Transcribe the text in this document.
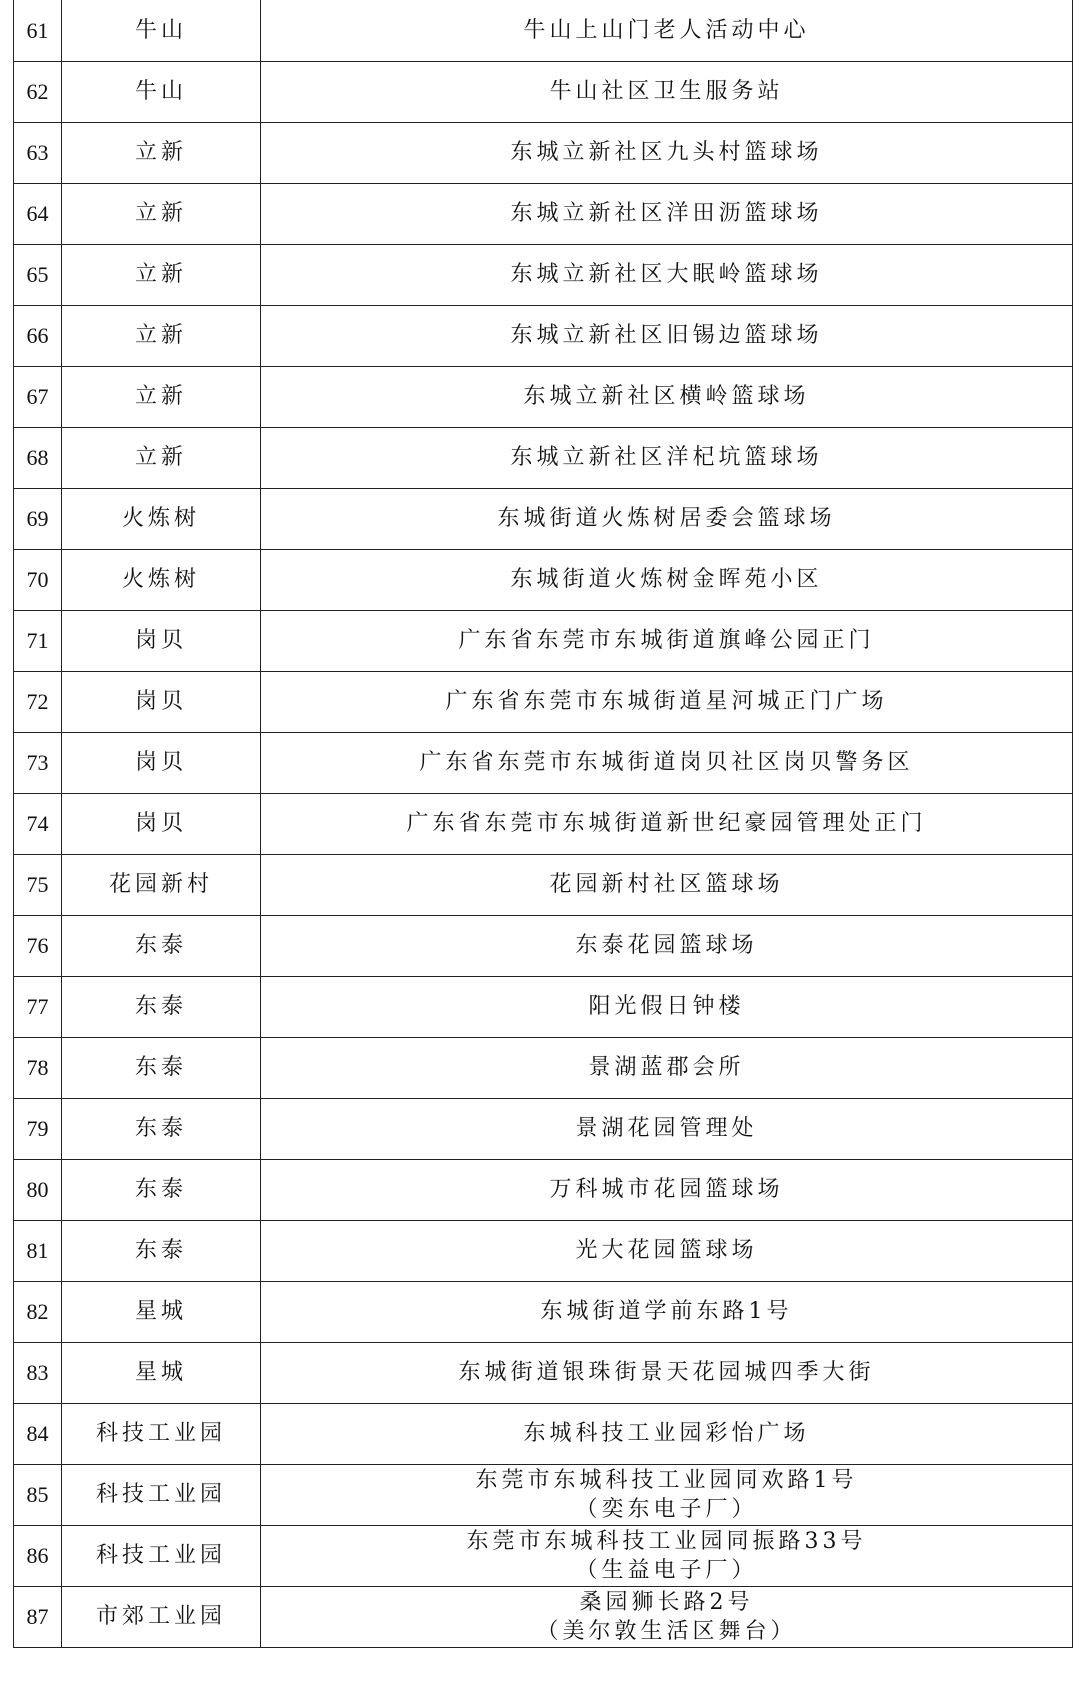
61	牛山	牛山上山门老人活动中心
62	牛山	牛山社区卫生服务站
63	立新	东城立新社区九头村篮球场
64	立新	东城立新社区洋田沥篮球场
65	立新	东城立新社区大眠岭篮球场
66	立新	东城立新社区旧锡边篮球场
67	立新	东城立新社区横岭篮球场
68	立新	东城立新社区洋杞坑篮球场
69	火炼树	东城街道火炼树居委会篮球场
70	火炼树	东城街道火炼树金晖苑小区
71	岗贝	广东省东莞市东城街道旗峰公园正门
72	岗贝	广东省东莞市东城街道星河城正门广场
73	岗贝	广东省东莞市东城街道岗贝社区岗贝警务区
74	岗贝	广东省东莞市东城街道新世纪豪园管理处正门
75	花园新村	花园新村社区篮球场
76	东泰	东泰花园篮球场
77	东泰	阳光假日钟楼
78	东泰	景湖蓝郡会所
79	东泰	景湖花园管理处
80	东泰	万科城市花园篮球场
81	东泰	光大花园篮球场
82	星城	东城街道学前东路1号
83	星城	东城街道银珠街景天花园城四季大街
84	科技工业园	东城科技工业园彩怡广场
85	科技工业园	东莞市东城科技工业园同欢路1号
（奕东电子厂）

86	科技工业园	东莞市东城科技工业园同振路33号
（生益电子厂）

87	市郊工业园	桑园狮长路2号
（美尔敦生活区舞台）
